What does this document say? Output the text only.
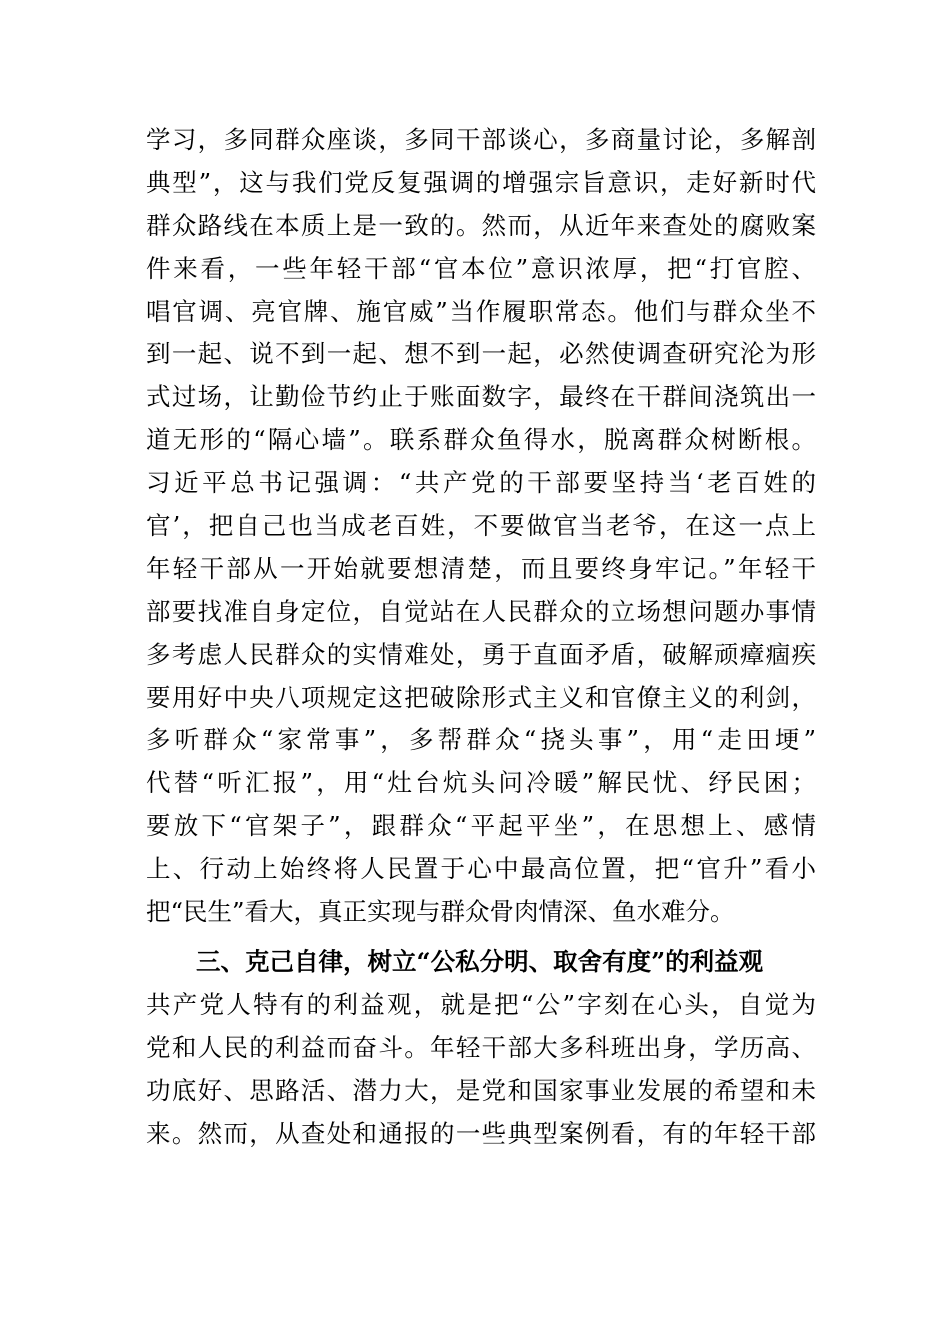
学习，多同群众座谈，多同干部谈心，多商量讨论，多解剖
典型”，这与我们党反复强调的增强宗旨意识，走好新时代
群众路线在本质上是一致的。然而，从近年来查处的腐败案
件来看，一些年轻干部“官本位”意识浓厚，把“打官腔、
唱官调、亮官牌、施官威”当作履职常态。他们与群众坐不
到一起、说不到一起、想不到一起，必然使调查研究沦为形
式过场，让勤俭节约止于账面数字，最终在干群间浇筑出一
道无形的“隔心墙”。联系群众鱼得水，脱离群众树断根。
习近平总书记强调：“共产党的干部要坚持当‘老百姓的
官’，把自己也当成老百姓，不要做官当老爷，在这一点上
年轻干部从一开始就要想清楚，而且要终身牢记。”年轻干
部要找准自身定位，自觉站在人民群众的立场想问题办事情
多考虑人民群众的实情难处，勇于直面矛盾，破解顽瘴痼疾
要用好中央八项规定这把破除形式主义和官僚主义的利剑，
多听群众“家常事”，多帮群众“挠头事”，用“走田埂”
代替“听汇报”，用“灶台炕头问冷暖”解民忧、纾民困；
要放下“官架子”，跟群众“平起平坐”，在思想上、感情
上、行动上始终将人民置于心中最高位置，把“官升”看小
把“民生”看大，真正实现与群众骨肉情深、鱼水难分。
三、克己自律，树立“公私分明、取舍有度”的利益观
共产党人特有的利益观，就是把“公”字刻在心头，自觉为
党和人民的利益而奋斗。年轻干部大多科班出身，学历高、
功底好、思路活、潜力大，是党和国家事业发展的希望和未
来。然而，从查处和通报的一些典型案例看，有的年轻干部
